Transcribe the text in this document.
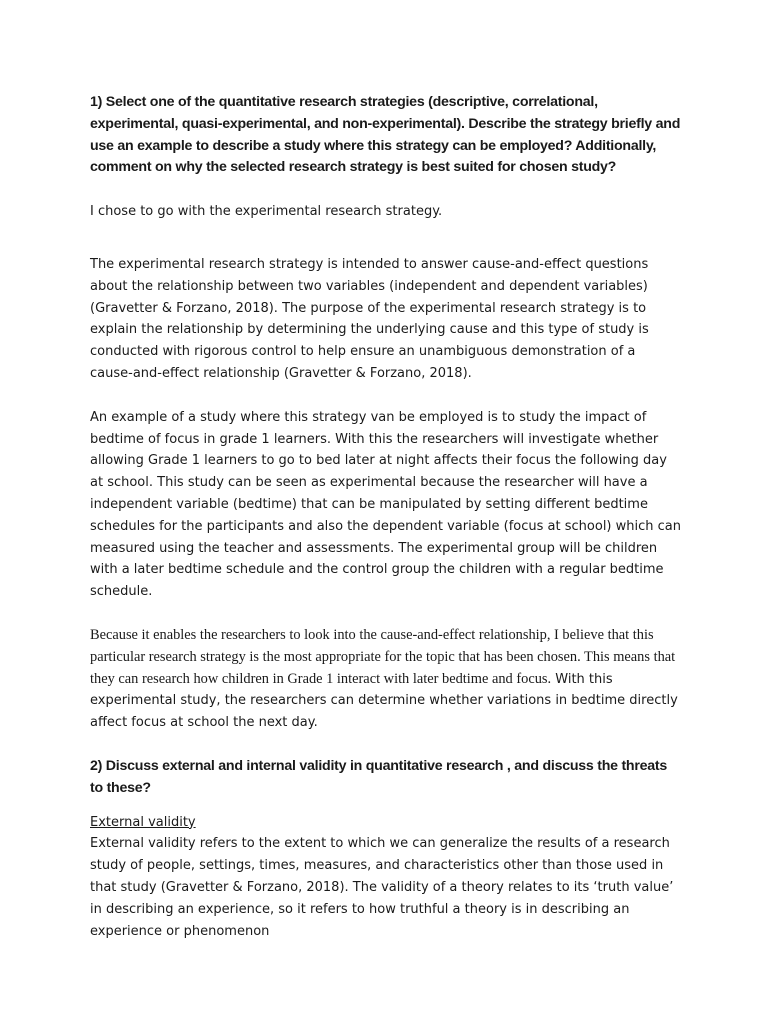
1) Select one of the quantitative research strategies (descriptive, correlational, experimental, quasi-experimental, and non-experimental). Describe the strategy briefly and use an example to describe a study where this strategy can be employed? Additionally, comment on why the selected research strategy is best suited for chosen study?

I chose to go with the experimental research strategy.

The experimental research strategy is intended to answer cause-and-effect questions about the relationship between two variables (independent and dependent variables) (Gravetter & Forzano, 2018). The purpose of the experimental research strategy is to explain the relationship by determining the underlying cause and this type of study is conducted with rigorous control to help ensure an unambiguous demonstration of a cause-and-effect relationship (Gravetter & Forzano, 2018).

An example of a study where this strategy van be employed is to study the impact of bedtime of focus in grade 1 learners. With this the researchers will investigate whether allowing Grade 1 learners to go to bed later at night affects their focus the following day at school. This study can be seen as experimental because the researcher will have a independent variable (bedtime) that can be manipulated by setting different bedtime schedules for the participants and also the dependent variable (focus at school) which can measured using the teacher and assessments. The experimental group will be children with a later bedtime schedule and the control group the children with a regular bedtime schedule.

Because it enables the researchers to look into the cause-and-effect relationship, I believe that this particular research strategy is the most appropriate for the topic that has been chosen. This means that they can research how children in Grade 1 interact with later bedtime and focus. With this experimental study, the researchers can determine whether variations in bedtime directly affect focus at school the next day.

2) Discuss external and internal validity in quantitative research , and discuss the threats to these?

External validity

External validity refers to the extent to which we can generalize the results of a research study of people, settings, times, measures, and characteristics other than those used in that study (Gravetter & Forzano, 2018). The validity of a theory relates to its ‘truth value’ in describing an experience, so it refers to how truthful a theory is in describing an experience or phenomenon
